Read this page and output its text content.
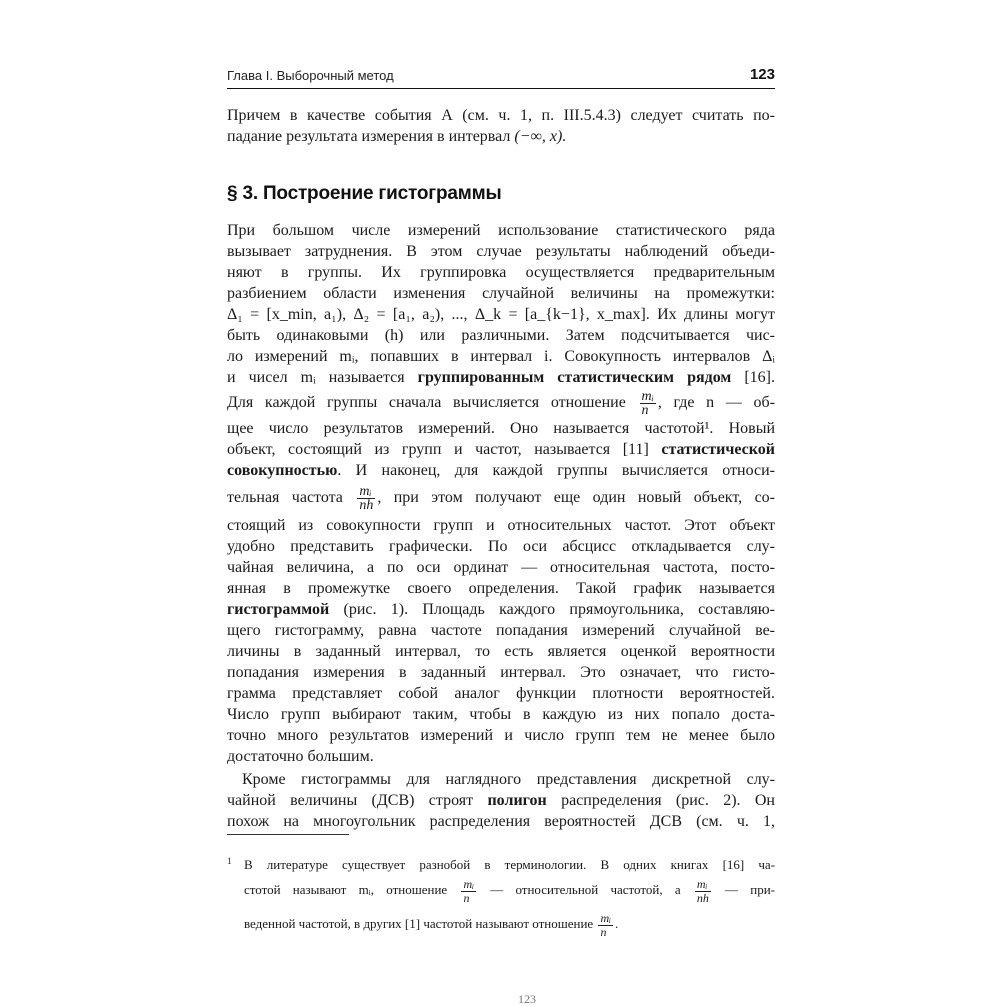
Глава I. Выборочный метод	123

Причем в качестве события А (см. ч. 1, п. III.5.4.3) следует считать по-
падание результата измерения в интервал (−∞, x).

§ 3. Построение гистограммы

При большом числе измерений использование статистического ряда
вызывает затруднения. В этом случае результаты наблюдений объеди-
няют в группы. Их группировка осуществляется предварительным
разбиением области изменения случайной величины на промежутки:
Δ₁ = [x_min, a₁), Δ₂ = [a₁, a₂), ..., Δ_k = [a_{k−1}, x_max]. Их длины могут
быть одинаковыми (h) или различными. Затем подсчитывается чис-
ло измерений mᵢ, попавших в интервал i. Совокупность интервалов Δᵢ
и чисел mᵢ называется группированным статистическим рядом [16].
Для каждой группы сначала вычисляется отношение $\frac{\text{mᵢ}}{n}$ , где n — об-
щее число результатов измерений. Оно называется частотой¹. Новый
объект, состоящий из групп и частот, называется [11] статистической
совокупностью. И наконец, для каждой группы вычисляется относи-
тельная частота $\frac{\text{mᵢ}}{nh}$ , при этом получают еще один новый объект, со-
стоящий из совокупности групп и относительных частот. Этот объект
удобно представить графически. По оси абсцисс откладывается слу-
чайная величина, а по оси ординат — относительная частота, посто-
янная в промежутке своего определения. Такой график называется
гистограммой (рис. 1). Площадь каждого прямоугольника, составляю-
щего гистограмму, равна частоте попадания измерений случайной ве-
личины в заданный интервал, то есть является оценкой вероятности
попадания измерения в заданный интервал. Это означает, что гисто-
грамма представляет собой аналог функции плотности вероятностей.
Число групп выбирают таким, чтобы в каждую из них попало доста-
точно много результатов измерений и число групп тем не менее было
достаточно большим.

Кроме гистограммы для наглядного представления дискретной слу-
чайной величины (ДСВ) строят полигон распределения (рис. 2). Он
похож на многоугольник распределения вероятностей ДСВ (см. ч. 1,

1 В литературе существует разнобой в терминологии. В одних книгах [16] ча-
стотой называют mᵢ, отношение $\frac{\text{mᵢ}}{n}$ — относительной частотой, а $\frac{\text{mᵢ}}{nh}$ — при-
веденной частотой, в других [1] частотой называют отношение $\frac{\text{mᵢ}}{n}$ .
123
